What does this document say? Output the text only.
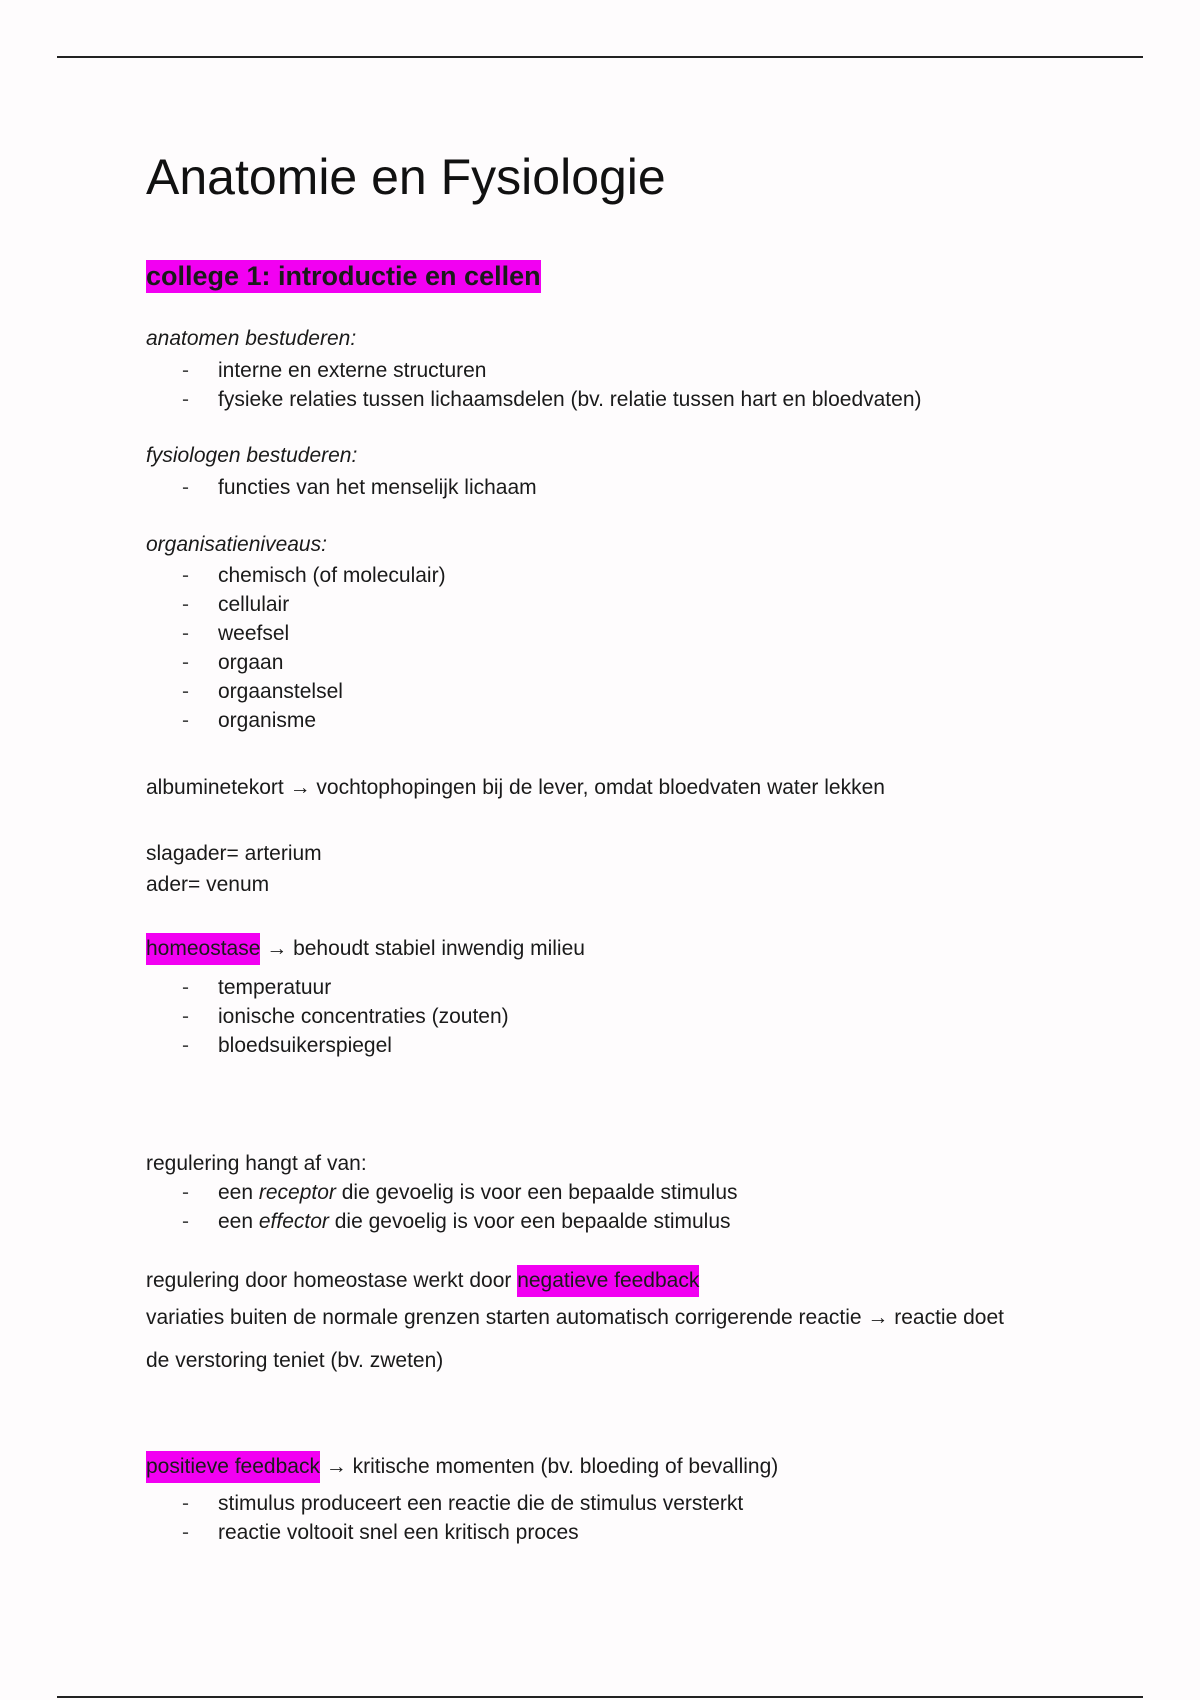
Anatomie en Fysiologie
college 1: introductie en cellen
anatomen bestuderen:
- interne en externe structuren
- fysieke relaties tussen lichaamsdelen (bv. relatie tussen hart en bloedvaten)
fysiologen bestuderen:
- functies van het menselijk lichaam
organisatieniveaus:
- chemisch (of moleculair)
- cellulair
- weefsel
- orgaan
- orgaanstelsel
- organisme
albuminetekort → vochtophopingen bij de lever, omdat bloedvaten water lekken
slagader= arterium
ader= venum
homeostase → behoudt stabiel inwendig milieu
- temperatuur
- ionische concentraties (zouten)
- bloedsuikerspiegel
regulering hangt af van:
- een receptor die gevoelig is voor een bepaalde stimulus
- een effector die gevoelig is voor een bepaalde stimulus
regulering door homeostase werkt door negatieve feedback
variaties buiten de normale grenzen starten automatisch corrigerende reactie → reactie doet
de verstoring teniet (bv. zweten)
positieve feedback → kritische momenten (bv. bloeding of bevalling)
- stimulus produceert een reactie die de stimulus versterkt
- reactie voltooit snel een kritisch proces
